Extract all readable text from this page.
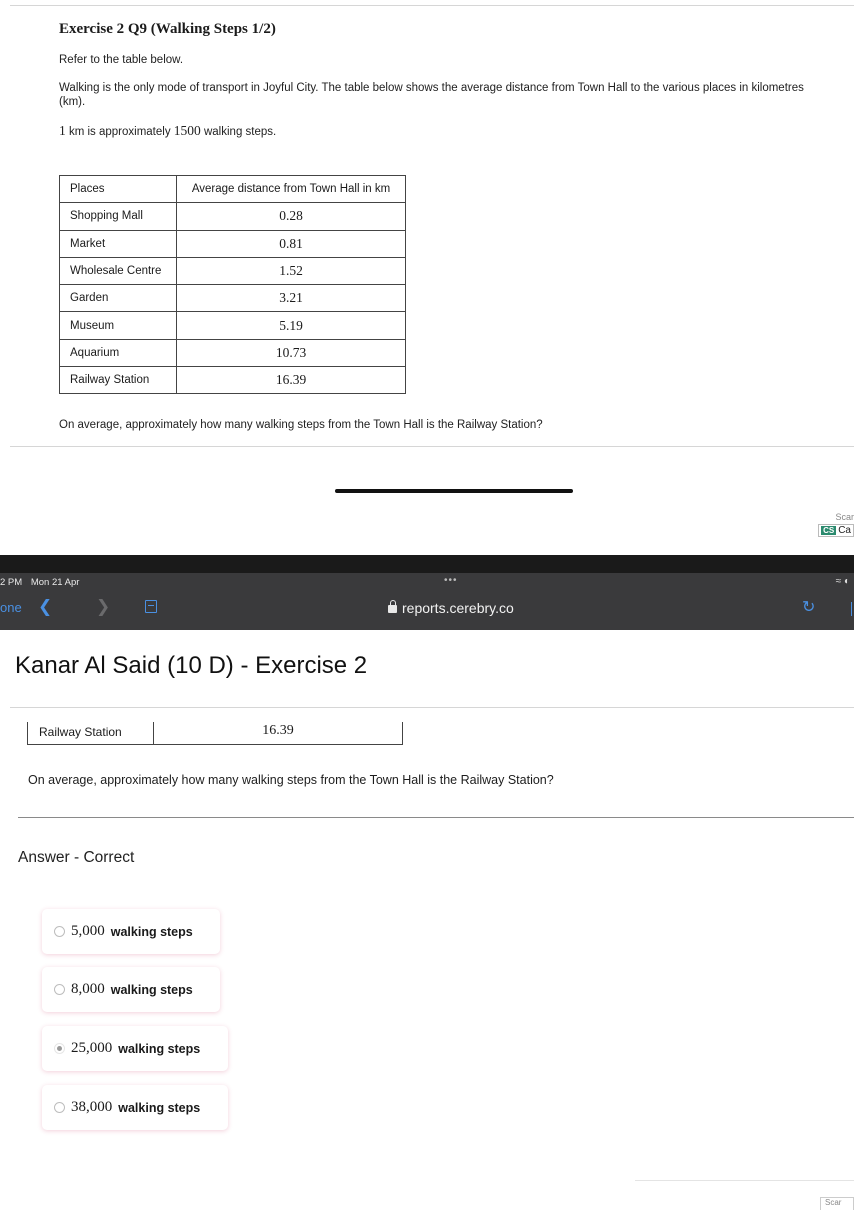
Exercise 2 Q9 (Walking Steps 1/2)
Refer to the table below.
Walking is the only mode of transport in Joyful City. The table below shows the average distance from Town Hall to the various places in kilometres (km).
1 km is approximately 1500 walking steps.
Places	Average distance from Town Hall in km
Shopping Mall	0.28
Market	0.81
Wholesale Centre	1.52
Garden	3.21
Museum	5.19
Aquarium	10.73
Railway Station	16.39
On average, approximately how many walking steps from the Town Hall is the Railway Station?
Scar
CS Ca
2 PM Mon 21 Apr	•••	≈ ◐
one ❮	❯	reports.cerebry.co	↻
Kanar Al Said (10 D) - Exercise 2
Railway Station	16.39
On average, approximately how many walking steps from the Town Hall is the Railway Station?
Answer - Correct
5,000 walking steps
8,000 walking steps
25,000 walking steps
38,000 walking steps
Scar
